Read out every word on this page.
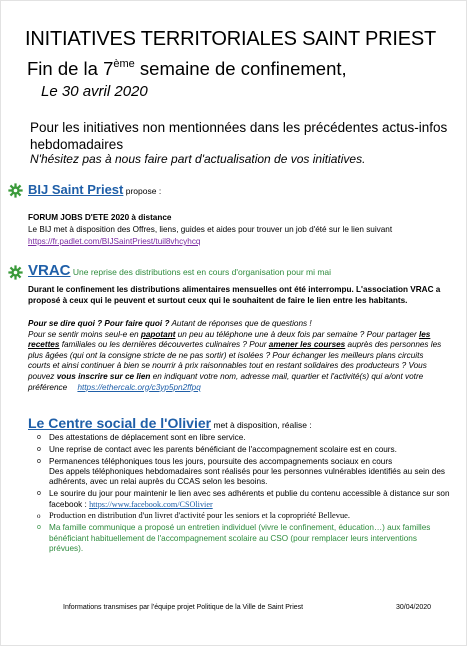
INITIATIVES TERRITORIALES SAINT PRIEST
Fin de la 7ème semaine de confinement,
Le 30 avril 2020
Pour les initiatives non mentionnées dans les précédentes actus-infos hebdomadaires
N'hésitez pas à nous faire part d'actualisation de vos initiatives.
BIJ Saint Priest propose :
FORUM JOBS D'ETE 2020 à distance
Le BIJ met à disposition des Offres, liens, guides et aides pour trouver un job d'été sur le lien suivant
https://fr.padlet.com/BIJSaintPriest/tuil8vhcyhcq
VRAC Une reprise des distributions est en cours d'organisation pour mi mai
Durant le confinement les distributions alimentaires mensuelles ont été interrompu. L'association VRAC a proposé à ceux qui le peuvent et surtout ceux qui le souhaitent de faire le lien entre les habitants.
Pour se dire quoi ? Pour faire quoi ? Autant de réponses que de questions !
Pour se sentir moins seul-e en papotant un peu au téléphone une à deux fois par semaine ? Pour partager les recettes familiales ou les dernières découvertes culinaires ? Pour amener les courses auprès des personnes les plus âgées (qui ont la consigne stricte de ne pas sortir) et isolées ? Pour échanger les meilleurs plans circuits courts et ainsi continuer à bien se nourrir à prix raisonnables tout en restant solidaires des producteurs ? Vous pouvez vous inscrire sur ce lien en indiquant votre nom, adresse mail, quartier et l'activité(s) qui a/ont votre préférence https://ethercalc.org/c3yp5pn2ffpq
Le Centre social de l'Olivier met à disposition, réalise :
o Des attestations de déplacement sont en libre service.
o Une reprise de contact avec les parents bénéficiant de l'accompagnement scolaire est en cours.
o Permanences téléphoniques tous les jours, poursuite des accompagnements sociaux en cours
Des appels téléphoniques hebdomadaires sont réalisés pour les personnes vulnérables identifiés au sein des adhérents, avec un relai auprès du CCAS selon les besoins.
o Le sourire du jour pour maintenir le lien avec ses adhérents et publie du contenu accessible à distance sur son facebook : https://www.facebook.com/CSOlivier
o Production en distribution d'un livret d'activité pour les seniors et la copropriété Bellevue.
o Ma famille communique a proposé un entretien individuel (vivre le confinement, éducation…) aux familles bénéficiant habituellement de l'accompagnement scolaire au CSO (pour remplacer leurs interventions prévues).
Informations transmises par l'équipe projet Politique de la Ville de Saint Priest	30/04/2020
